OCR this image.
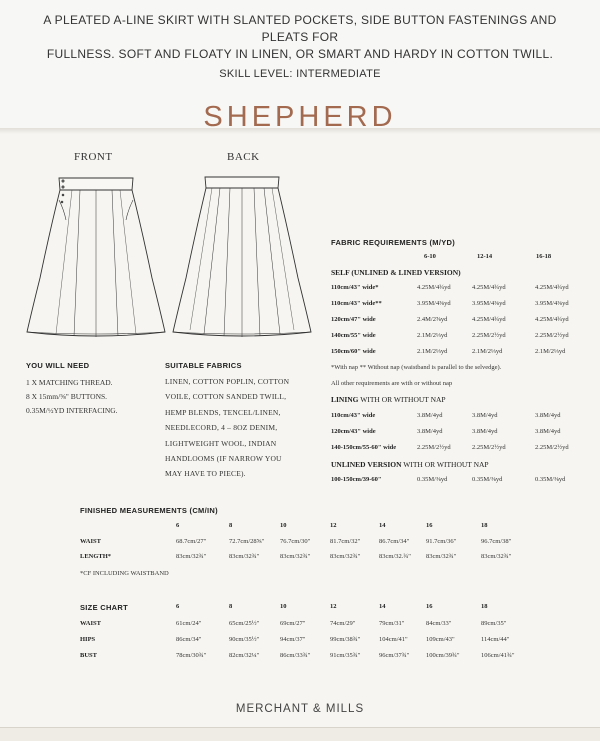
A PLEATED A-LINE SKIRT WITH SLANTED POCKETS, SIDE BUTTON FASTENINGS AND PLEATS FOR
FULLNESS. SOFT AND FLOATY IN LINEN, OR SMART AND HARDY IN COTTON TWILL.
SKILL LEVEL: INTERMEDIATE
SHEPHERD
FRONT	BACK
YOU WILL NEED
1 X MATCHING THREAD.
8 X 15mm/⅝" BUTTONS.
0.35M/½YD INTERFACING.
SUITABLE FABRICS
LINEN, COTTON POPLIN, COTTON
VOILE, COTTON SANDED TWILL,
HEMP BLENDS, TENCEL/LINEN,
NEEDLECORD, 4 – 8OZ DENIM,
LIGHTWEIGHT WOOL, INDIAN
HANDLOOMS (IF NARROW YOU
MAY HAVE TO PIECE).
FABRIC REQUIREMENTS (M/YD)
6-10	12-14	16-18
SELF (UNLINED & LINED VERSION)
110cm/43" wide*	4.25M/4¾yd	4.25M/4¾yd	4.25M/4¾yd
110cm/43" wide**	3.95M/4⅜yd	3.95M/4⅜yd	3.95M/4⅜yd
120cm/47" wide	2.4M/2⅝yd	4.25M/4¾yd	4.25M/4¾yd
140cm/55" wide	2.1M/2⅓yd	2.25M/2½yd	2.25M/2½yd
150cm/60" wide	2.1M/2⅓yd	2.1M/2⅓yd	2.1M/2⅓yd
*With nap ** Without nap (waistband is parallel to the selvedge).
All other requirements are with or without nap
LINING WITH OR WITHOUT NAP
110cm/43" wide	3.8M/4yd	3.8M/4yd	3.8M/4yd
120cm/43" wide	3.8M/4yd	3.8M/4yd	3.8M/4yd
140-150cm/55-60" wide	2.25M/2½yd	2.25M/2½yd	2.25M/2½yd
UNLINED VERSION WITH OR WITHOUT NAP
100-150cm/39-60"	0.35M/⅜yd	0.35M/⅜yd	0.35M/⅜yd
FINISHED MEASUREMENTS (CM/IN)
6	8	10	12	14	16	18
WAIST	68.7cm/27"	72.7cm/28⅝" 76.7cm/30"	81.7cm/32"	86.7cm/34"	91.7cm/36"	96.7cm/38"
LENGTH*	83cm/32¾"	83cm/32¾"	83cm/32¾"	83cm/32¾"	83cm/32.¾" 83cm/32¾"	83cm/32¾"
*CF INCLUDING WAISTBAND
SIZE CHART	6	8	10	12	14	16	18
WAIST	61cm/24"	65cm/25½"	69cm/27"	74cm/29"	79cm/31"	84cm/33"	89cm/35"
HIPS	86cm/34"	90cm/35½"	94cm/37"	99cm/38¾"	104cm/41"	109cm/43"	114cm/44"
BUST	78cm/30¾"	82cm/32¼"	86cm/33¾"	91cm/35¾"	96cm/37¾"	100cm/39¾"	106cm/41¾"
MERCHANT & MILLS
